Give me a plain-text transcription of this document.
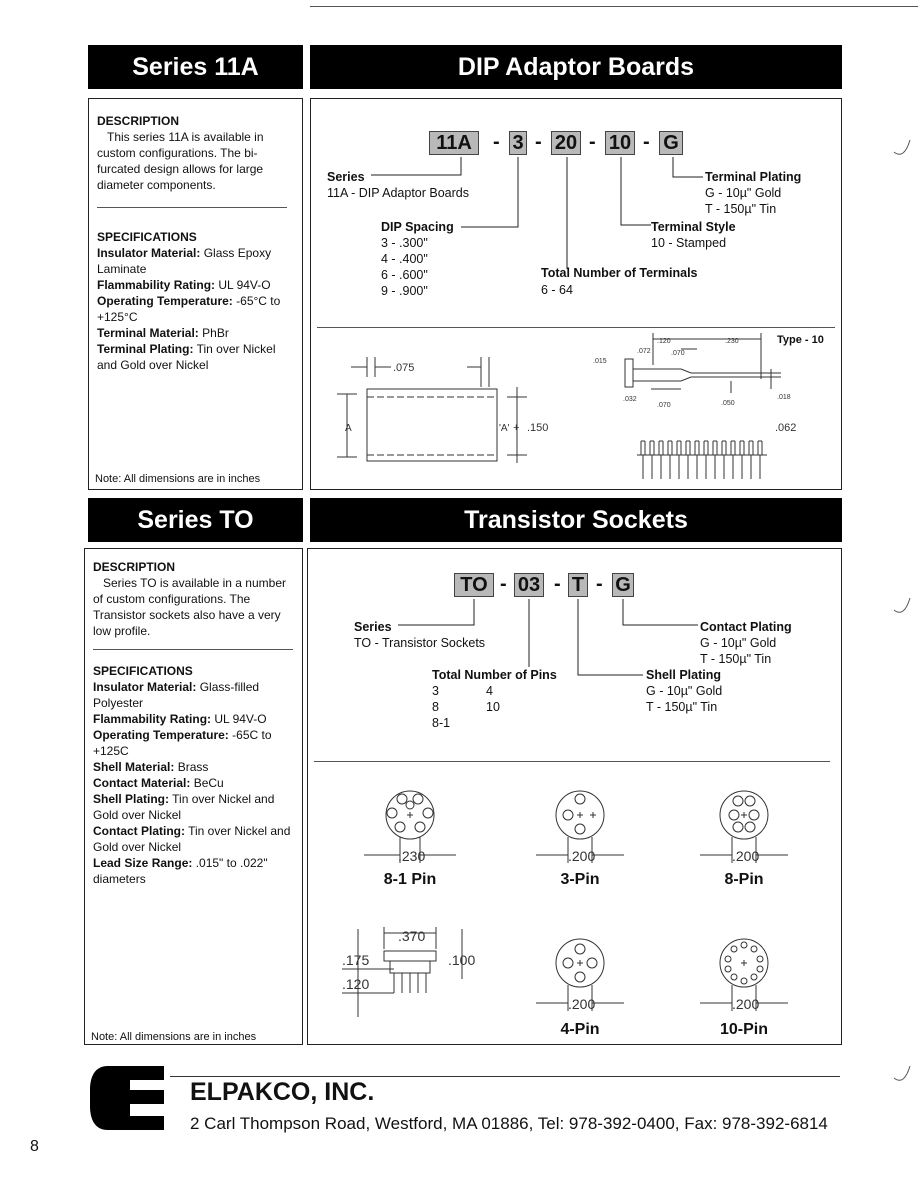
Series 11A	DIP Adaptor Boards

DESCRIPTION

This series 11A is available in custom configurations. The bi-furcated design allows for large diameter components.

SPECIFICATIONS

Insulator Material: Glass Epoxy Laminate

Flammability Rating: UL 94V-O

Operating Temperature: -65°C to +125°C

Terminal Material: PhBr

Terminal Plating: Tin over Nickel and Gold over Nickel

Note: All dimensions are in inches
11A	- 3 - 20 - 10 - G
Series
11A - DIP Adaptor Boards
DIP Spacing
3 - .300"
4 - .400"
6 - .600"
9 - .900"
Total Number of Terminals
6 - 64
Terminal Style
10 - Stamped
Terminal Plating
G - 10µ" Gold
T - 150µ" Tin
.075
A	'A' + .150
Type - 10
.120	.230
.072	.070
.015
.032
.070	.050
.018
.062
Series TO	Transistor Sockets

DESCRIPTION

Series TO is available in a number of custom configurations. The Transistor sockets also have a very low profile.

SPECIFICATIONS

Insulator Material: Glass-filled Polyester

Flammability Rating: UL 94V-O

Operating Temperature: -65C to +125C

Shell Material: Brass

Contact Material: BeCu

Shell Plating: Tin over Nickel and Gold over Nickel

Contact Plating: Tin over Nickel and Gold over Nickel

Lead Size Range: .015" to .022" diameters

Note: All dimensions are in inches
TO - 03 - T - G
Series
TO - Transistor Sockets
Total Number of Pins
3	4
8	10
8-1
Shell Plating
G - 10µ" Gold
T - 150µ" Tin
Contact Plating
G - 10µ" Gold
T - 150µ" Tin
.230
8-1 Pin
.200
3-Pin
.200
8-Pin
.200
4-Pin
.200
10-Pin
.370
.175
.120
.100
ELPAKCO, INC.
2 Carl Thompson Road, Westford, MA 01886, Tel: 978-392-0400, Fax: 978-392-6814
8
